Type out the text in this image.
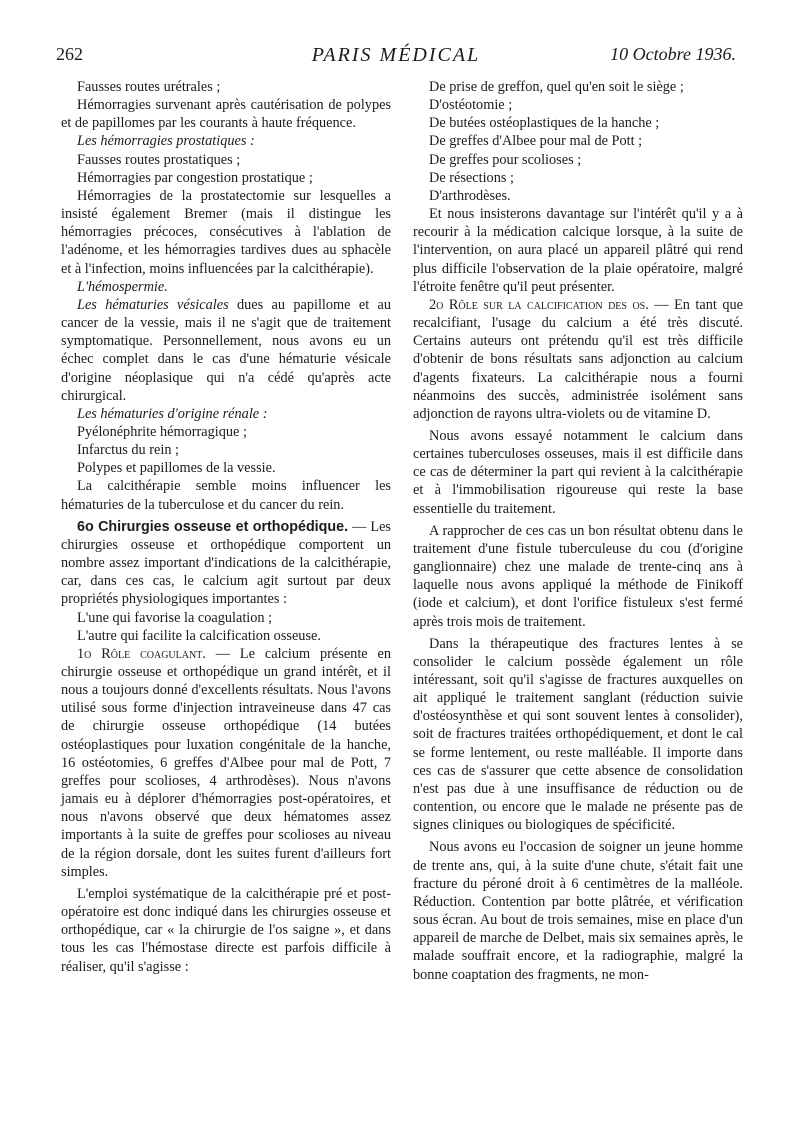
262	PARIS MÉDICAL	10 Octobre 1936.

Fausses routes urétrales ;

Hémorragies survenant après cautérisation de polypes et de papillomes par les courants à haute fréquence.

Les hémorragies prostatiques :

Fausses routes prostatiques ;

Hémorragies par congestion prostatique ;

Hémorragies de la prostatectomie sur lesquelles a insisté également Bremer (mais il distingue les hémorragies précoces, consécutives à l'ablation de l'adénome, et les hémorragies tardives dues au sphacèle et à l'infection, moins influencées par la calcithérapie).

L'hémospermie.

Les hématuries vésicales dues au papillome et au cancer de la vessie, mais il ne s'agit que de traitement symptomatique. Personnellement, nous avons eu un échec complet dans le cas d'une hématurie vésicale d'origine néoplasique qui n'a cédé qu'après acte chirurgical.

Les hématuries d'origine rénale :

Pyélonéphrite hémorragique ;

Infarctus du rein ;

Polypes et papillomes de la vessie.

La calcithérapie semble moins influencer les hématuries de la tuberculose et du cancer du rein.

6o Chirurgies osseuse et orthopédique. — Les chirurgies osseuse et orthopédique comportent un nombre assez important d'indications de la calcithérapie, car, dans ces cas, le calcium agit surtout par deux propriétés physiologiques importantes :

L'une qui favorise la coagulation ;

L'autre qui facilite la calcification osseuse.

1o Rôle coagulant. — Le calcium présente en chirurgie osseuse et orthopédique un grand intérêt, et il nous a toujours donné d'excellents résultats. Nous l'avons utilisé sous forme d'injection intraveineuse dans 47 cas de chirurgie osseuse orthopédique (14 butées ostéoplastiques pour luxation congénitale de la hanche, 16 ostéotomies, 6 greffes d'Albee pour mal de Pott, 7 greffes pour scolioses, 4 arthrodèses). Nous n'avons jamais eu à déplorer d'hémorragies post-opératoires, et nous n'avons observé que deux hématomes assez importants à la suite de greffes pour scolioses au niveau de la région dorsale, dont les suites furent d'ailleurs fort simples.

L'emploi systématique de la calcithérapie pré et post-opératoire est donc indiqué dans les chirurgies osseuse et orthopédique, car « la chirurgie de l'os saigne », et dans tous les cas l'hémostase directe est parfois difficile à réaliser, qu'il s'agisse :

De prise de greffon, quel qu'en soit le siège ;

D'ostéotomie ;

De butées ostéoplastiques de la hanche ;

De greffes d'Albee pour mal de Pott ;

De greffes pour scolioses ;

De résections ;

D'arthrodèses.

Et nous insisterons davantage sur l'intérêt qu'il y a à recourir à la médication calcique lorsque, à la suite de l'intervention, on aura placé un appareil plâtré qui rend plus difficile l'observation de la plaie opératoire, malgré l'étroite fenêtre qu'il peut présenter.

2o Rôle sur la calcification des os. — En tant que recalcifiant, l'usage du calcium a été très discuté. Certains auteurs ont prétendu qu'il est très difficile d'obtenir de bons résultats sans adjonction au calcium d'agents fixateurs. La calcithérapie nous a fourni néanmoins des succès, administrée isolément sans adjonction de rayons ultra-violets ou de vitamine D.

Nous avons essayé notamment le calcium dans certaines tuberculoses osseuses, mais il est difficile dans ce cas de déterminer la part qui revient à la calcithérapie et à l'immobilisation rigoureuse qui reste la base essentielle du traitement.

A rapprocher de ces cas un bon résultat obtenu dans le traitement d'une fistule tuberculeuse du cou (d'origine ganglionnaire) chez une malade de trente-cinq ans à laquelle nous avons appliqué la méthode de Finikoff (iode et calcium), et dont l'orifice fistuleux s'est fermé après trois mois de traitement.

Dans la thérapeutique des fractures lentes à se consolider le calcium possède également un rôle intéressant, soit qu'il s'agisse de fractures auxquelles on ait appliqué le traitement sanglant (réduction suivie d'ostéosynthèse et qui sont souvent lentes à consolider), soit de fractures traitées orthopédiquement, et dont le cal se forme lentement, ou reste malléable. Il importe dans ces cas de s'assurer que cette absence de consolidation n'est pas due à une insuffisance de réduction ou de contention, ou encore que le malade ne présente pas de signes cliniques ou biologiques de spécificité.

Nous avons eu l'occasion de soigner un jeune homme de trente ans, qui, à la suite d'une chute, s'était fait une fracture du péroné droit à 6 centimètres de la malléole. Réduction. Contention par botte plâtrée, et vérification sous écran. Au bout de trois semaines, mise en place d'un appareil de marche de Delbet, mais six semaines après, le malade souffrait encore, et la radiographie, malgré la bonne coaptation des fragments, ne mon-
